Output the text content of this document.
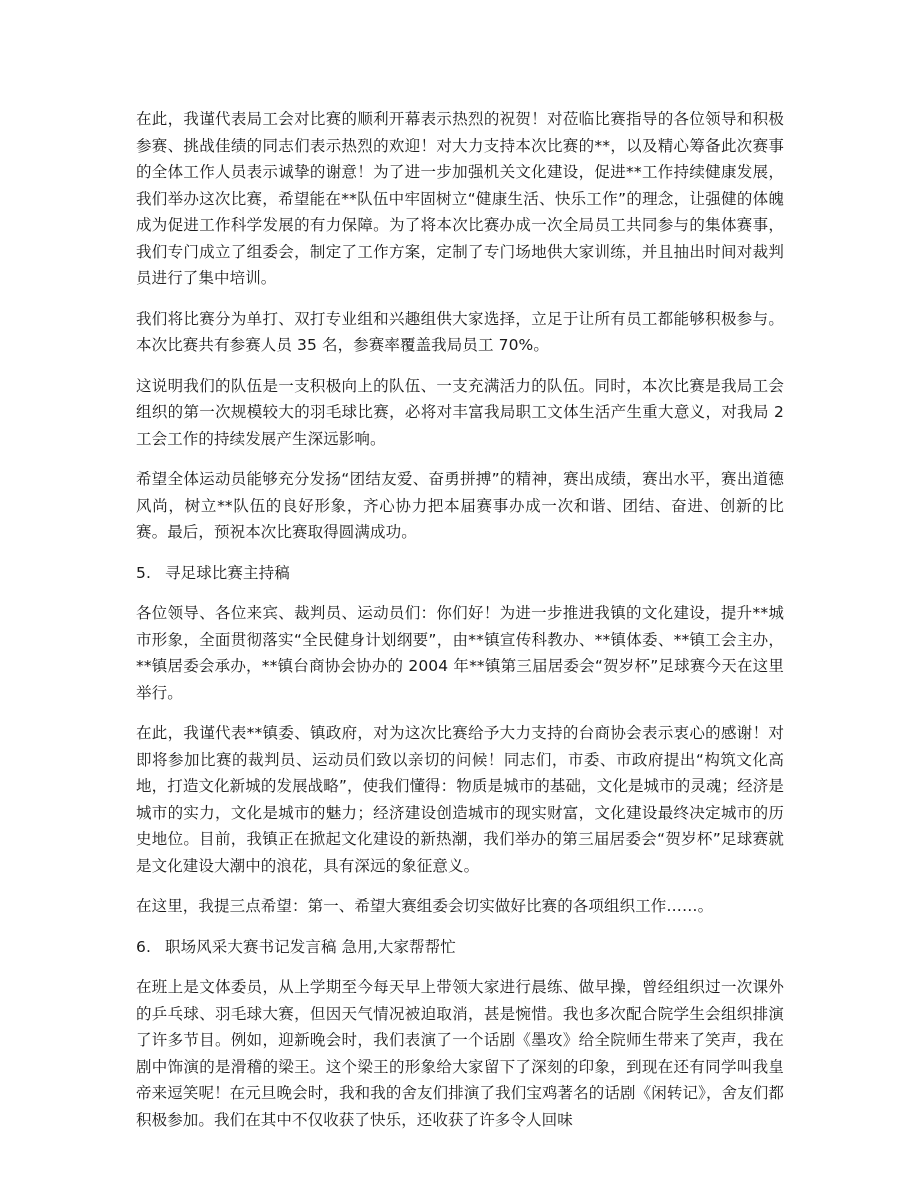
在此，我谨代表局工会对比赛的顺利开幕表示热烈的祝贺！对莅临比赛指导的各位领导和积极参赛、挑战佳绩的同志们表示热烈的欢迎！对大力支持本次比赛的**，以及精心筹备此次赛事的全体工作人员表示诚挚的谢意！为了进一步加强机关文化建设，促进**工作持续健康发展，我们举办这次比赛，希望能在**队伍中牢固树立“健康生活、快乐工作”的理念，让强健的体魄成为促进工作科学发展的有力保障。为了将本次比赛办成一次全局员工共同参与的集体赛事，我们专门成立了组委会，制定了工作方案，定制了专门场地供大家训练，并且抽出时间对裁判员进行了集中培训。

我们将比赛分为单打、双打专业组和兴趣组供大家选择，立足于让所有员工都能够积极参与。本次比赛共有参赛人员 35 名，参赛率覆盖我局员工 70%。

这说明我们的队伍是一支积极向上的队伍、一支充满活力的队伍。同时，本次比赛是我局工会组织的第一次规模较大的羽毛球比赛，必将对丰富我局职工文体生活产生重大意义，对我局 2 工会工作的持续发展产生深远影响。

希望全体运动员能够充分发扬“团结友爱、奋勇拼搏”的精神，赛出成绩，赛出水平，赛出道德风尚，树立**队伍的良好形象，齐心协力把本届赛事办成一次和谐、团结、奋进、创新的比赛。最后，预祝本次比赛取得圆满成功。

5. 寻足球比赛主持稿

各位领导、各位来宾、裁判员、运动员们：你们好！为进一步推进我镇的文化建设，提升**城市形象，全面贯彻落实“全民健身计划纲要”，由**镇宣传科教办、**镇体委、**镇工会主办，**镇居委会承办，**镇台商协会协办的 2004 年**镇第三届居委会“贺岁杯”足球赛今天在这里举行。

在此，我谨代表**镇委、镇政府，对为这次比赛给予大力支持的台商协会表示衷心的感谢！对即将参加比赛的裁判员、运动员们致以亲切的问候！同志们，市委、市政府提出“构筑文化高地，打造文化新城的发展战略”，使我们懂得：物质是城市的基础，文化是城市的灵魂；经济是城市的实力，文化是城市的魅力；经济建设创造城市的现实财富，文化建设最终决定城市的历史地位。目前，我镇正在掀起文化建设的新热潮，我们举办的第三届居委会“贺岁杯”足球赛就是文化建设大潮中的浪花，具有深远的象征意义。

在这里，我提三点希望：第一、希望大赛组委会切实做好比赛的各项组织工作……。

6. 职场风采大赛书记发言稿 急用,大家帮帮忙

在班上是文体委员，从上学期至今每天早上带领大家进行晨练、做早操，曾经组织过一次课外的乒乓球、羽毛球大赛，但因天气情况被迫取消，甚是惋惜。我也多次配合院学生会组织排演了许多节目。例如，迎新晚会时，我们表演了一个话剧《墨攻》给全院师生带来了笑声，我在剧中饰演的是滑稽的梁王。这个梁王的形象给大家留下了深刻的印象，到现在还有同学叫我皇帝来逗笑呢！在元旦晚会时，我和我的舍友们排演了我们宝鸡著名的话剧《闲转记》，舍友们都积极参加。我们在其中不仅收获了快乐，还收获了许多令人回味
